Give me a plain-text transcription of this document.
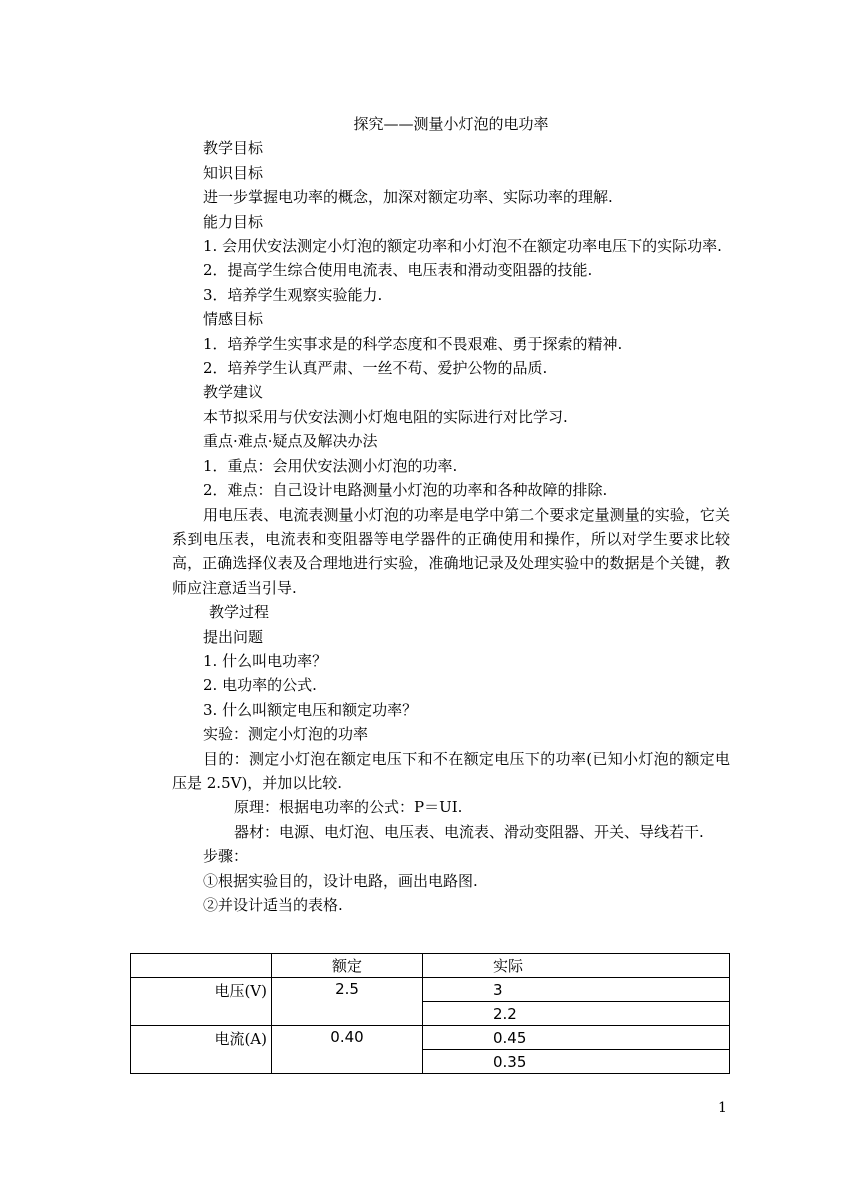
探究——测量小灯泡的电功率

教学目标

知识目标

进一步掌握电功率的概念，加深对额定功率、实际功率的理解.

能力目标

1. 会用伏安法测定小灯泡的额定功率和小灯泡不在额定功率电压下的实际功率.

2．提高学生综合使用电流表、电压表和滑动变阻器的技能.

3．培养学生观察实验能力.

情感目标

1．培养学生实事求是的科学态度和不畏艰难、勇于探索的精神.

2．培养学生认真严肃、一丝不苟、爱护公物的品质.

教学建议

本节拟采用与伏安法测小灯炮电阻的实际进行对比学习.

重点·难点·疑点及解决办法

1．重点：会用伏安法测小灯泡的功率.

2．难点：自己设计电路测量小灯泡的功率和各种故障的排除.

用电压表、电流表测量小灯泡的功率是电学中第二个要求定量测量的实验，它关系到电压表，电流表和变阻器等电学器件的正确使用和操作，所以对学生要求比较高，正确选择仪表及合理地进行实验，准确地记录及处理实验中的数据是个关键，教师应注意适当引导.

教学过程

提出问题

1. 什么叫电功率？

2. 电功率的公式.

3. 什么叫额定电压和额定功率？

实验：测定小灯泡的功率

目的：测定小灯泡在额定电压下和不在额定电压下的功率(已知小灯泡的额定电压是 2.5V)，并加以比较.

原理：根据电功率的公式：P＝UI.

器材：电源、电灯泡、电压表、电流表、滑动变阻器、开关、导线若干.

步骤：

①根据实验目的，设计电路，画出电路图.

②并设计适当的表格.

	额定	实际
电压(V)	2.5	3
		2.2
电流(A)	0.40	0.45
		0.35
1
